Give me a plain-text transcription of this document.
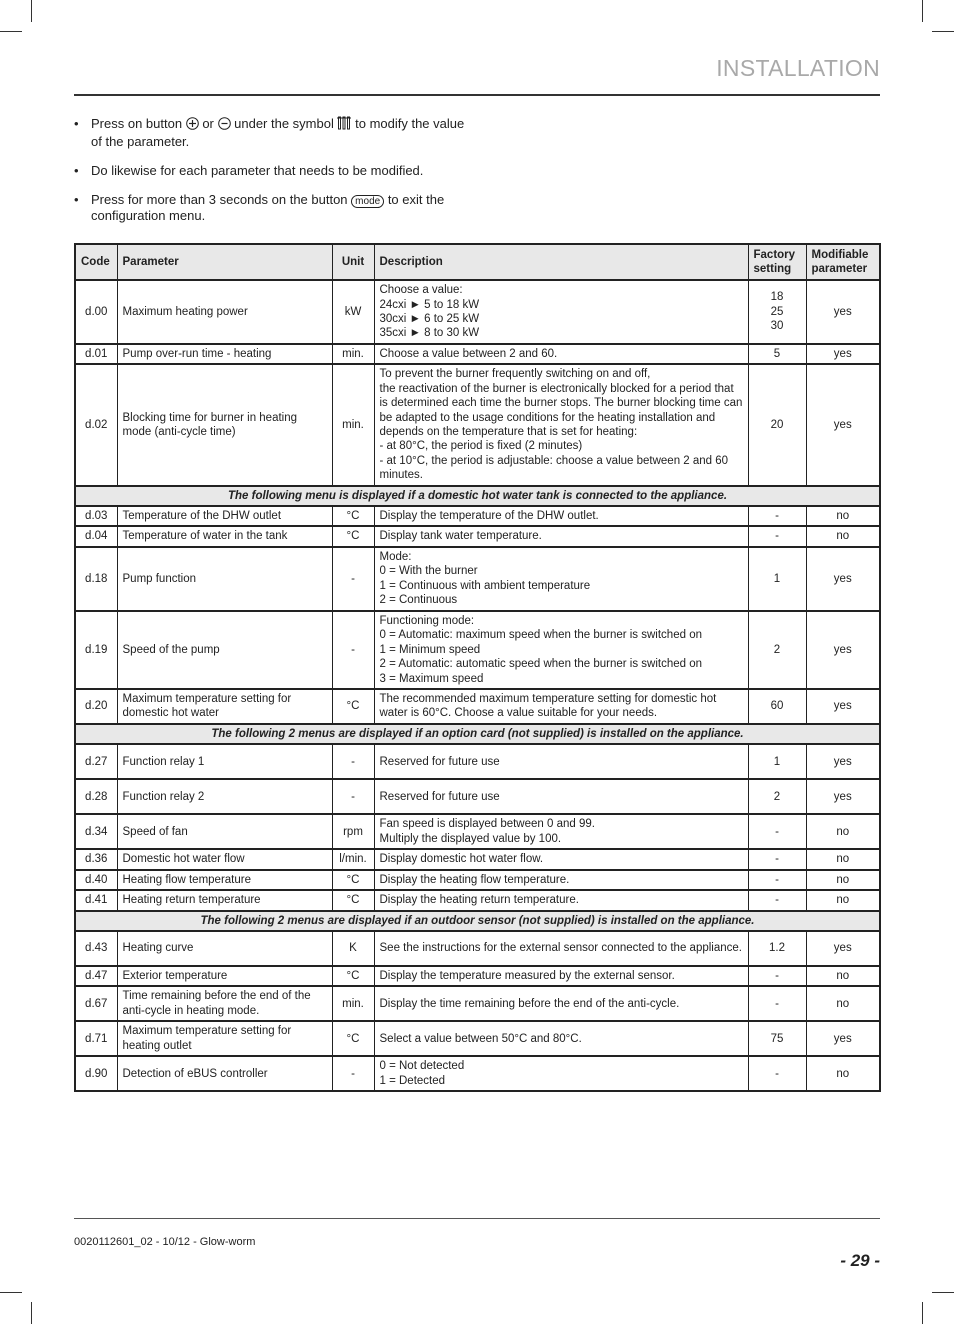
INSTALLATION
• Press on button or under the symbol to modify the value of the parameter.
• Do likewise for each parameter that needs to be modified.
• Press for more than 3 seconds on the button mode to exit the configuration menu.
Code	Parameter	Unit	Description	Factory setting	Modifiable parameter
d.00	Maximum heating power	kW	Choose a value:
24cxi ► 5 to 18 kW
30cxi ► 6 to 25 kW
35cxi ► 8 to 30 kW	18
25
30	yes
d.01	Pump over-run time - heating	min.	Choose a value between 2 and 60.	5	yes
d.02	Blocking time for burner in heating mode (anti-cycle time)	min.	To prevent the burner frequently switching on and off,
the reactivation of the burner is electronically blocked for a period that is determined each time the burner stops. The burner blocking time can be adapted to the usage conditions for the heating installation and depends on the temperature that is set for heating:
- at 80°C, the period is fixed (2 minutes)
- at 10°C, the period is adjustable: choose a value between 2 and 60 minutes.	20	yes
The following menu is displayed if a domestic hot water tank is connected to the appliance.					
d.03	Temperature of the DHW outlet	°C	Display the temperature of the DHW outlet.	-	no
d.04	Temperature of water in the tank	°C	Display tank water temperature.	-	no
d.18	Pump function	-	Mode:
0 = With the burner
1 = Continuous with ambient temperature
2 = Continuous	1	yes
d.19	Speed of the pump	-	Functioning mode:
0 = Automatic: maximum speed when the burner is switched on
1 = Minimum speed
2 = Automatic: automatic speed when the burner is switched on
3 = Maximum speed	2	yes
d.20	Maximum temperature setting for domestic hot water	°C	The recommended maximum temperature setting for domestic hot water is 60°C. Choose a value suitable for your needs.	60	yes
The following 2 menus are displayed if an option card (not supplied) is installed on the appliance.					
d.27	Function relay 1	-	Reserved for future use	1	yes
d.28	Function relay 2	-	Reserved for future use	2	yes
d.34	Speed of fan	rpm	Fan speed is displayed between 0 and 99.
Multiply the displayed value by 100.	-	no
d.36	Domestic hot water flow	l/min.	Display domestic hot water flow.	-	no
d.40	Heating flow temperature	°C	Display the heating flow temperature.	-	no
d.41	Heating return temperature	°C	Display the heating return temperature.	-	no
The following 2 menus are displayed if an outdoor sensor (not supplied) is installed on the appliance.					
d.43	Heating curve	K	See the instructions for the external sensor connected to the appliance.	1.2	yes
d.47	Exterior temperature	°C	Display the temperature measured by the external sensor.	-	no
d.67	Time remaining before the end of the anti-cycle in heating mode.	min.	Display the time remaining before the end of the anti-cycle.	-	no
d.71	Maximum temperature setting for heating outlet	°C	Select a value between 50°C and 80°C.	75	yes
d.90	Detection of eBUS controller	-	0 = Not detected
1 = Detected	-	no
0020112601_02 - 10/12 - Glow-worm
- 29 -
